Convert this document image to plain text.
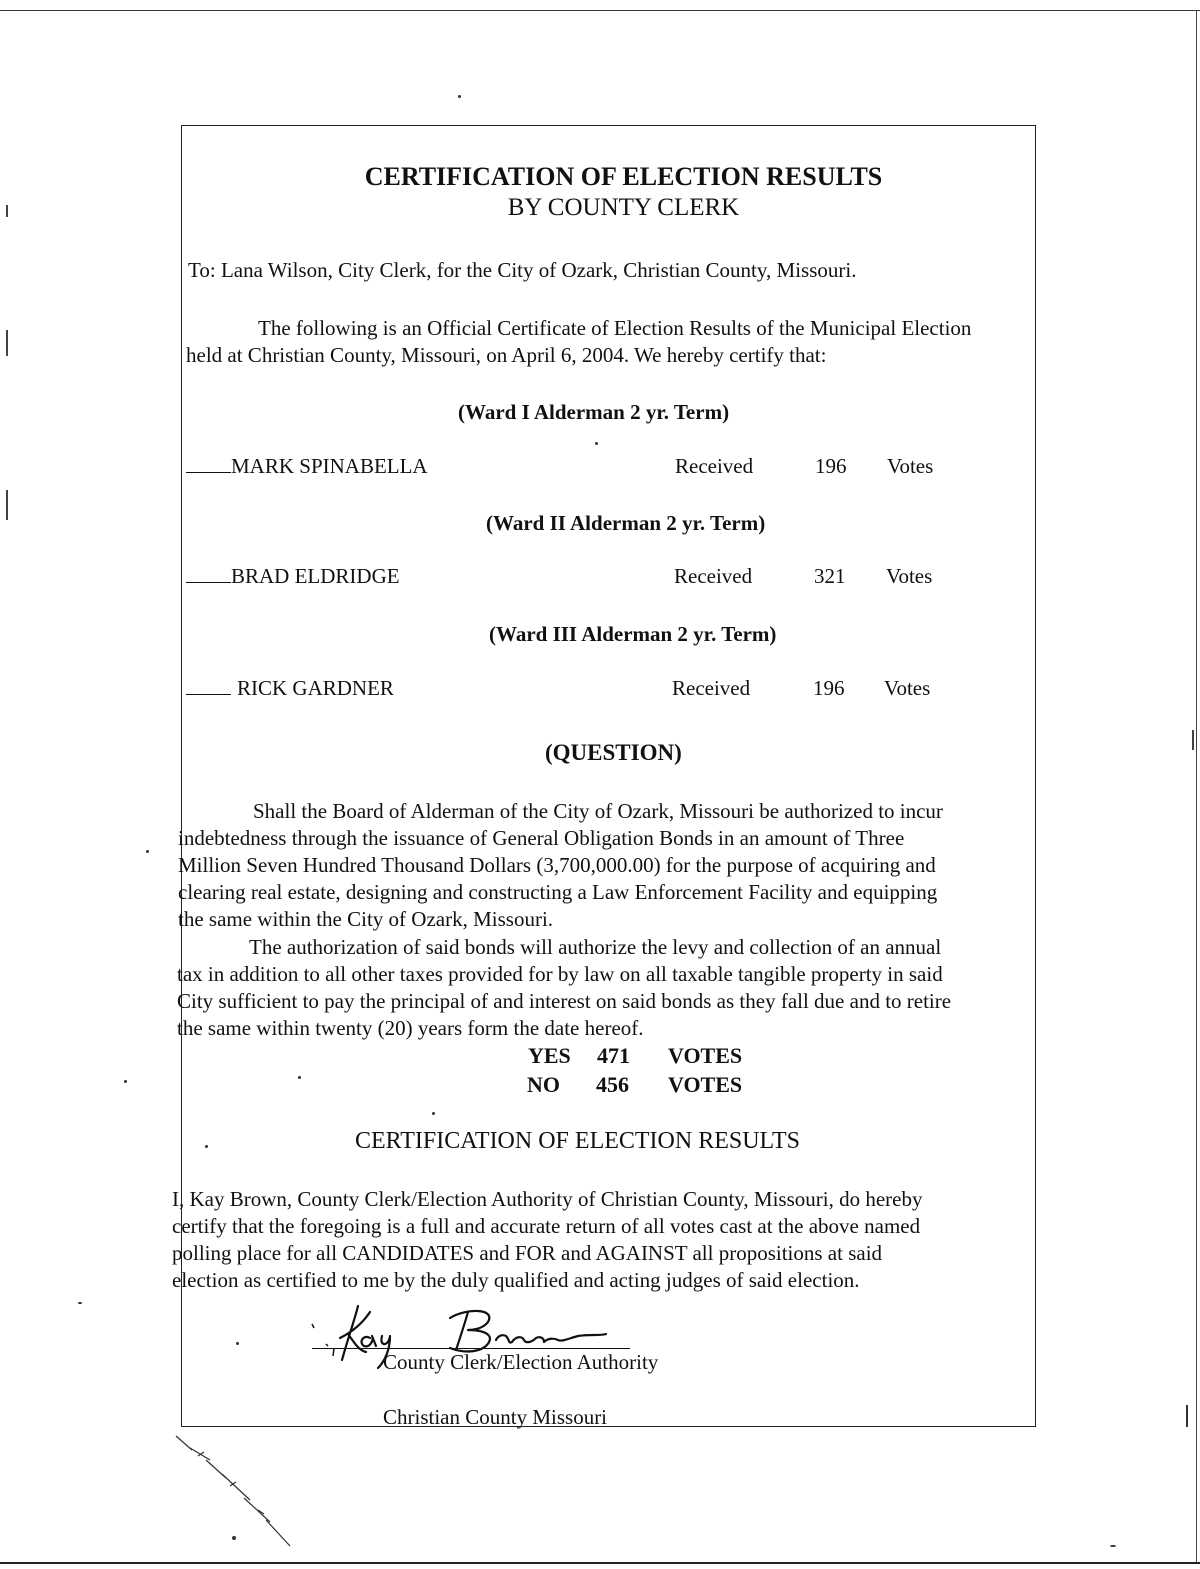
CERTIFICATION OF ELECTION RESULTS
BY COUNTY CLERK
To: Lana Wilson, City Clerk, for the City of Ozark, Christian County, Missouri.
The following is an Official Certificate of Election Results of the Municipal Election
held at Christian County, Missouri, on April 6, 2004. We hereby certify that:
(Ward I Alderman 2 yr. Term)
MARK SPINABELLA	Received	196 Votes
(Ward II Alderman 2 yr. Term)
BRAD ELDRIDGE	Received	321 Votes
(Ward III Alderman 2 yr. Term)
RICK GARDNER	Received	196 Votes
(QUESTION)
Shall the Board of Alderman of the City of Ozark, Missouri be authorized to incur
indebtedness through the issuance of General Obligation Bonds in an amount of Three
Million Seven Hundred Thousand Dollars (3,700,000.00) for the purpose of acquiring and
clearing real estate, designing and constructing a Law Enforcement Facility and equipping
the same within the City of Ozark, Missouri.
The authorization of said bonds will authorize the levy and collection of an annual
tax in addition to all other taxes provided for by law on all taxable tangible property in said
City sufficient to pay the principal of and interest on said bonds as they fall due and to retire
the same within twenty (20) years form the date hereof.
YES 471 VOTES
NO 456 VOTES
CERTIFICATION OF ELECTION RESULTS
I, Kay Brown, County Clerk/Election Authority of Christian County, Missouri, do hereby
certify that the foregoing is a full and accurate return of all votes cast at the above named
polling place for all CANDIDATES and FOR and AGAINST all propositions at said
election as certified to me by the duly qualified and acting judges of said election.
County Clerk/Election Authority
Christian County Missouri
